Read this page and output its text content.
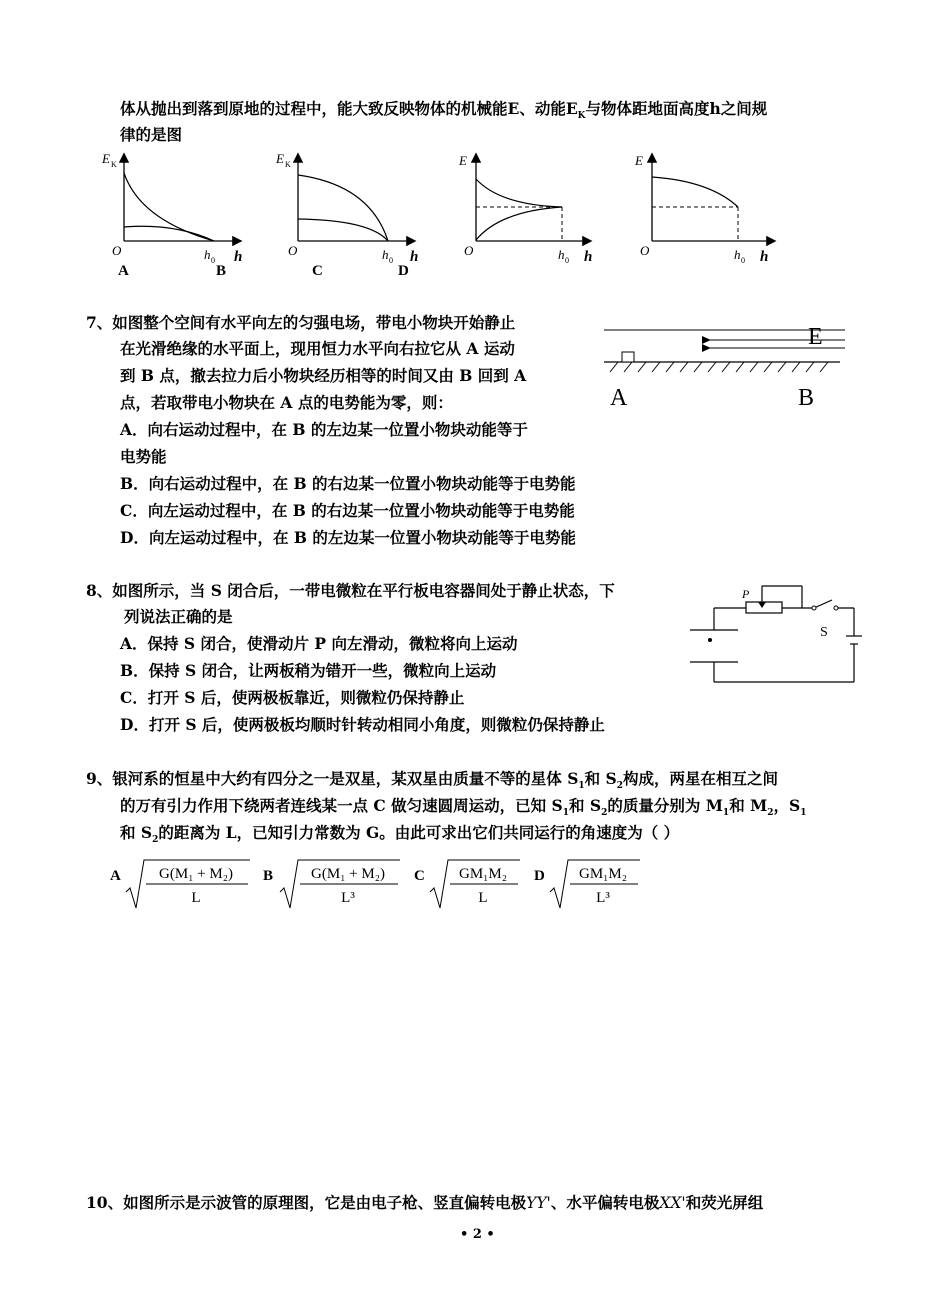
体从抛出到落到原地的过程中，能大致反映物体的机械能E、动能$E_K$与物体距地面高度h之间规
律的是图
E K
O	h 0 h
A
E K
O	h 0 h
B
E
O	h 0 h
C
E
O	h 0 h
D
7、如图整个空间有水平向左的匀强电场，带电小物块开始静止
在光滑绝缘的水平面上，现用恒力水平向右拉它从 A 运动
到 B 点，撤去拉力后小物块经历相等的时间又由 B 回到 A
点，若取带电小物块在 A 点的电势能为零，则：
A．向右运动过程中，在 B 的左边某一位置小物块动能等于
电势能
B．向右运动过程中，在 B 的右边某一位置小物块动能等于电势能
C．向左运动过程中，在 B 的右边某一位置小物块动能等于电势能
D．向左运动过程中，在 B 的左边某一位置小物块动能等于电势能
E
A	B
8、如图所示，当 S 闭合后，一带电微粒在平行板电容器间处于静止状态，下
列说法正确的是
A．保持 S 闭合，使滑动片 P 向左滑动，微粒将向上运动
B．保持 S 闭合，让两板稍为错开一些，微粒向上运动
C．打开 S 后，使两极板靠近，则微粒仍保持静止
D．打开 S 后，使两极板均顺时针转动相同小角度，则微粒仍保持静止
P
S
9、银河系的恒星中大约有四分之一是双星，某双星由质量不等的星体 $S_1$和 $S_2$构成，两星在相互之间
的万有引力作用下绕两者连线某一点 C 做匀速圆周运动，已知 $S_1$和 $S_2$的质量分别为 $M_1$和 $M_2$，$S_1$
和 $S_2$的距离为 L，已知引力常数为 G。由此可求出它们共同运行的角速度为（ ）
A	G(M₁ + M₂)
L
B	G(M₁ + M₂)
L³
C GM₁M₂
L
D GM₁M₂
L³
10、如图所示是示波管的原理图，它是由电子枪、竖直偏转电极YY'、水平偏转电极XX'和荧光屏组
• 2 •
